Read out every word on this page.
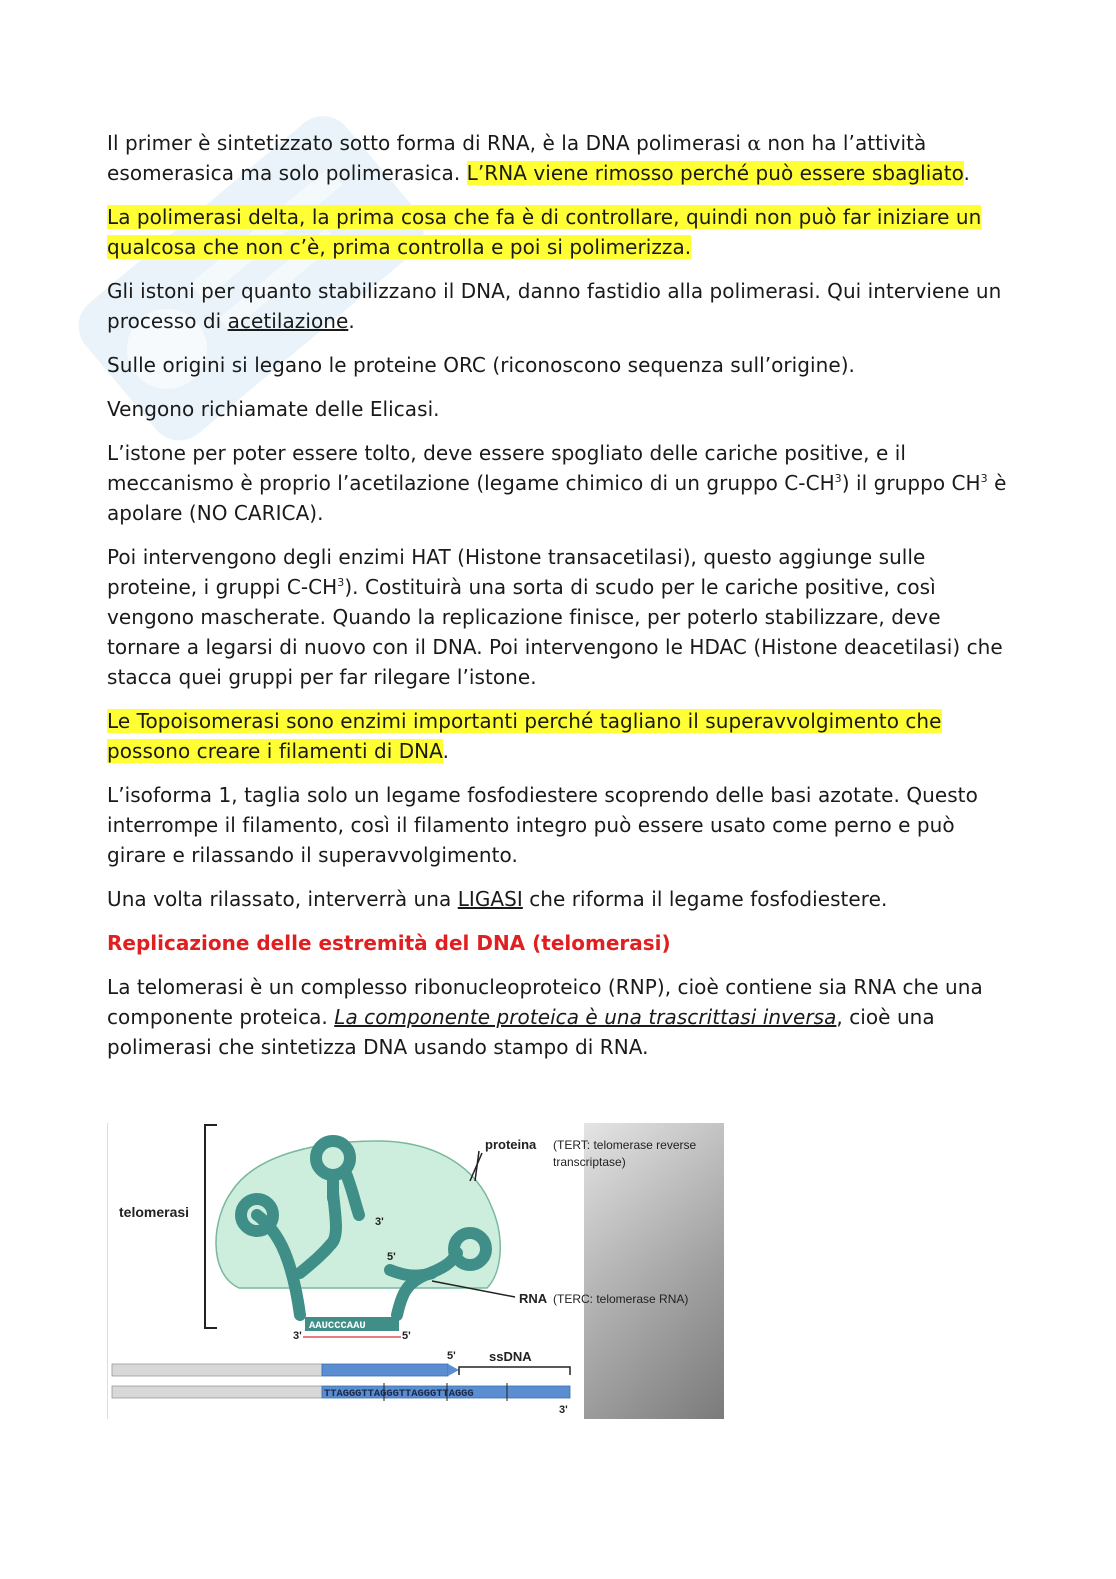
Il primer è sintetizzato sotto forma di RNA, è la DNA polimerasi α non ha l’attività esomerasica ma solo polimerasica. L’RNA viene rimosso perché può essere sbagliato.

La polimerasi delta, la prima cosa che fa è di controllare, quindi non può far iniziare un qualcosa che non c’è, prima controlla e poi si polimerizza.

Gli istoni per quanto stabilizzano il DNA, danno fastidio alla polimerasi. Qui interviene un processo di acetilazione.

Sulle origini si legano le proteine ORC (riconoscono sequenza sull’origine).

Vengono richiamate delle Elicasi.

L’istone per poter essere tolto, deve essere spogliato delle cariche positive, e il meccanismo è proprio l’acetilazione (legame chimico di un gruppo $C-CH^3$) il gruppo $CH^3$ è apolare (NO CARICA).

Poi intervengono degli enzimi HAT (Histone transacetilasi), questo aggiunge sulle proteine, i gruppi $C-CH^3$). Costituirà una sorta di scudo per le cariche positive, così vengono mascherate. Quando la replicazione finisce, per poterlo stabilizzare, deve tornare a legarsi di nuovo con il DNA. Poi intervengono le HDAC (Histone deacetilasi) che stacca quei gruppi per far rilegare l’istone.

Le Topoisomerasi sono enzimi importanti perché tagliano il superavvolgimento che possono creare i filamenti di DNA.

L’isoforma 1, taglia solo un legame fosfodiestere scoprendo delle basi azotate. Questo interrompe il filamento, così il filamento integro può essere usato come perno e può girare e rilassando il superavvolgimento.

Una volta rilassato, interverrà una LIGASI che riforma il legame fosfodiestere.

Replicazione delle estremità del DNA (telomerasi)

La telomerasi è un complesso ribonucleoproteico (RNP), cioè contiene sia RNA che una componente proteica. La componente proteica è una trascrittasi inversa, cioè una polimerasi che sintetizza DNA usando stampo di RNA.

telomerasi
3'
5'
AAUCCCAAU
3'	5'
proteina (TERT: telomerase reverse
transcriptase)
RNA (TERC: telomerase RNA)
5'	ssDNA
TTAGGGTTAGGGTTAGGGTTAGGG
3'
